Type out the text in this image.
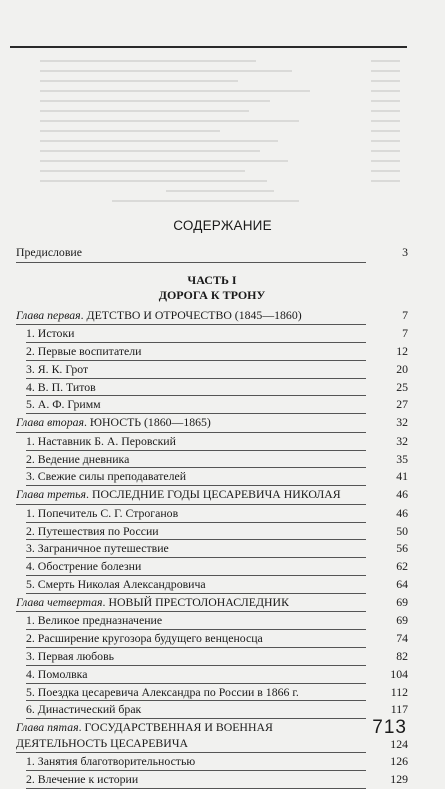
СОДЕРЖАНИЕ
Предисловие	3
ЧАСТЬ I
ДОРОГА К ТРОНУ
Глава первая. ДЕТСТВО И ОТРОЧЕСТВО (1845—1860)	7
1. Истоки	7
2. Первые воспитатели	12
3. Я. К. Грот	20
4. В. П. Титов	25
5. А. Ф. Гримм	27
Глава вторая. ЮНОСТЬ (1860—1865)	32
1. Наставник Б. А. Перовский	32
2. Ведение дневника	35
3. Свежие силы преподавателей	41
Глава третья. ПОСЛЕДНИЕ ГОДЫ ЦЕСАРЕВИЧА НИКОЛАЯ	46
1. Попечитель С. Г. Строганов	46
2. Путешествия по России	50
3. Заграничное путешествие	56
4. Обострение болезни	62
5. Смерть Николая Александровича	64
Глава четвертая. НОВЫЙ ПРЕСТОЛОНАСЛЕДНИК	69
1. Великое предназначение	69
2. Расширение кругозора будущего венценосца	74
3. Первая любовь	82
4. Помолвка	104
5. Поездка цесаревича Александра по России в 1866 г.	112
6. Династический брак	117
Глава пятая. ГОСУДАРСТВЕННАЯ И ВОЕННАЯ ДЕЯТЕЛЬНОСТЬ ЦЕСАРЕВИЧА	124
1. Занятия благотворительностью	126
2. Влечение к истории	129
713
